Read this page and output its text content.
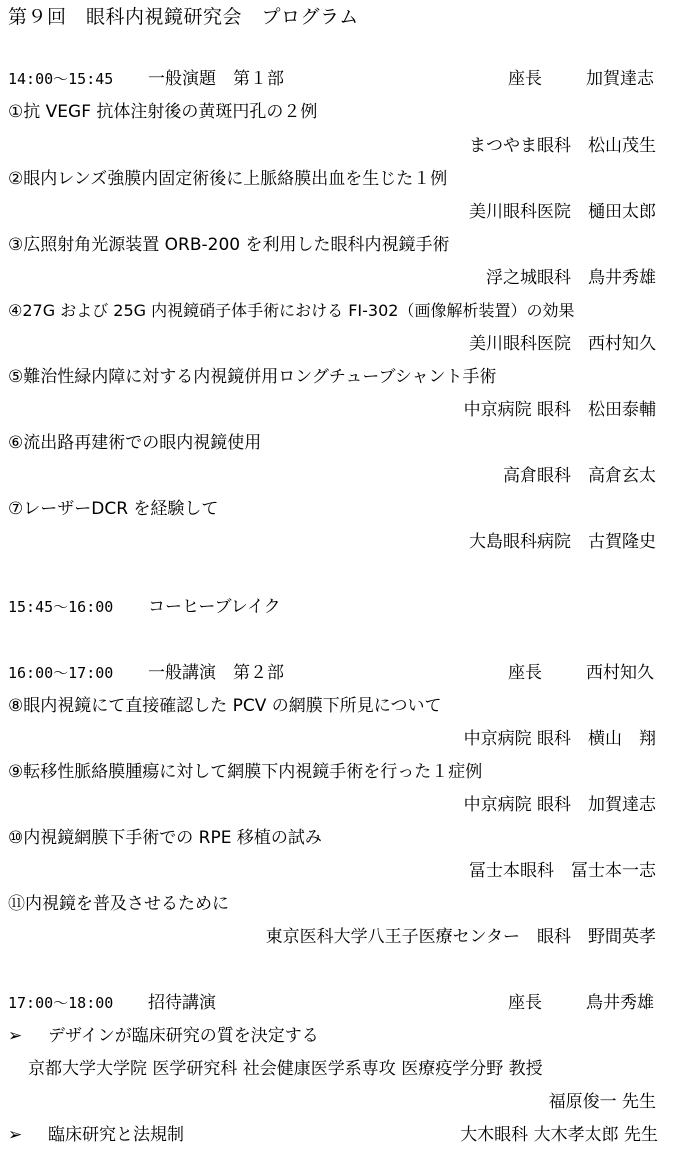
第９回　眼科内視鏡研究会　プログラム
14:00～15:45 一般演題　第１部	座長	加賀達志
①抗 VEGF 抗体注射後の黄斑円孔の２例
まつやま眼科　松山茂生
②眼内レンズ強膜内固定術後に上脈絡膜出血を生じた１例
美川眼科医院　樋田太郎
③広照射角光源装置 ORB-200 を利用した眼科内視鏡手術
浮之城眼科　鳥井秀雄
④27G および 25G 内視鏡硝子体手術における FI-302（画像解析装置）の効果
美川眼科医院　西村知久
⑤難治性緑内障に対する内視鏡併用ロングチューブシャント手術
中京病院 眼科　松田泰輔
⑥流出路再建術での眼内視鏡使用
高倉眼科　高倉玄太
⑦レーザーDCR を経験して
大島眼科病院　古賀隆史
15:45～16:00 コーヒーブレイク
16:00～17:00 一般講演　第２部	座長	西村知久
⑧眼内視鏡にて直接確認した PCV の網膜下所見について
中京病院 眼科　横山　翔
⑨転移性脈絡膜腫瘍に対して網膜下内視鏡手術を行った１症例
中京病院 眼科　加賀達志
⑩内視鏡網膜下手術での RPE 移植の試み
冨士本眼科　冨士本一志
⑪内視鏡を普及させるために
東京医科大学八王子医療センター　眼科　野間英孝
17:00～18:00 招待講演	座長	鳥井秀雄
➢ デザインが臨床研究の質を決定する
京都大学大学院 医学研究科 社会健康医学系専攻 医療疫学分野 教授
福原俊一 先生
➢ 臨床研究と法規制	大木眼科 大木孝太郎 先生
